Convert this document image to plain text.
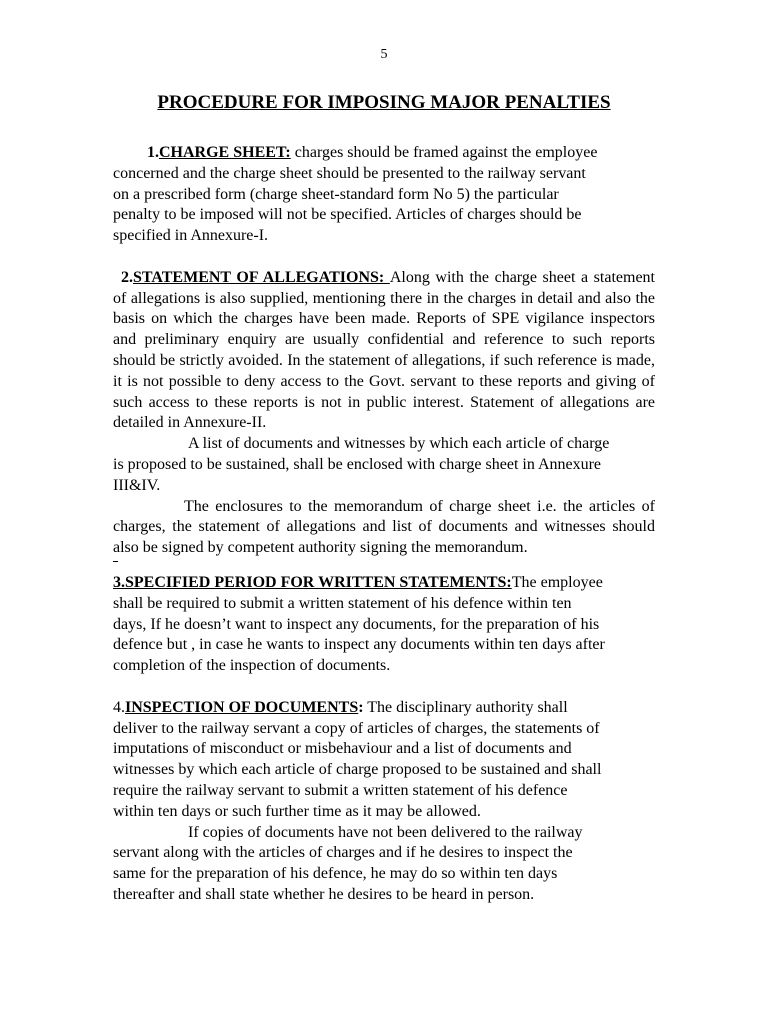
5
PROCEDURE FOR IMPOSING MAJOR PENALTIES
1.CHARGE SHEET: charges should be framed against the employee
concerned and the charge sheet should be presented to the railway servant
on a prescribed form (charge sheet-standard form No 5) the particular
penalty to be imposed will not be specified. Articles of charges should be
specified in Annexure-I.
2.STATEMENT OF ALLEGATIONS: Along with the charge sheet a statement of allegations is also supplied, mentioning there in the charges in detail and also the basis on which the charges have been made. Reports of SPE vigilance inspectors and preliminary enquiry are usually confidential and reference to such reports should be strictly avoided. In the statement of allegations, if such reference is made, it is not possible to deny access to the Govt. servant to these reports and giving of such access to these reports is not in public interest. Statement of allegations are detailed in Annexure-II.
A list of documents and witnesses by which each article of charge
is proposed to be sustained, shall be enclosed with charge sheet in Annexure
III&IV.
The enclosures to the memorandum of charge sheet i.e. the articles of charges, the statement of allegations and list of documents and witnesses should also be signed by competent authority signing the memorandum.
3.SPECIFIED PERIOD FOR WRITTEN STATEMENTS:The employee
shall be required to submit a written statement of his defence within ten
days, If he doesn’t want to inspect any documents, for the preparation of his
defence but , in case he wants to inspect any documents within ten days after
completion of the inspection of documents.
4.INSPECTION OF DOCUMENTS: The disciplinary authority shall
deliver to the railway servant a copy of articles of charges, the statements of
imputations of misconduct or misbehaviour and a list of documents and
witnesses by which each article of charge proposed to be sustained and shall
require the railway servant to submit a written statement of his defence
within ten days or such further time as it may be allowed.
If copies of documents have not been delivered to the railway
servant along with the articles of charges and if he desires to inspect the
same for the preparation of his defence, he may do so within ten days
thereafter and shall state whether he desires to be heard in person.
